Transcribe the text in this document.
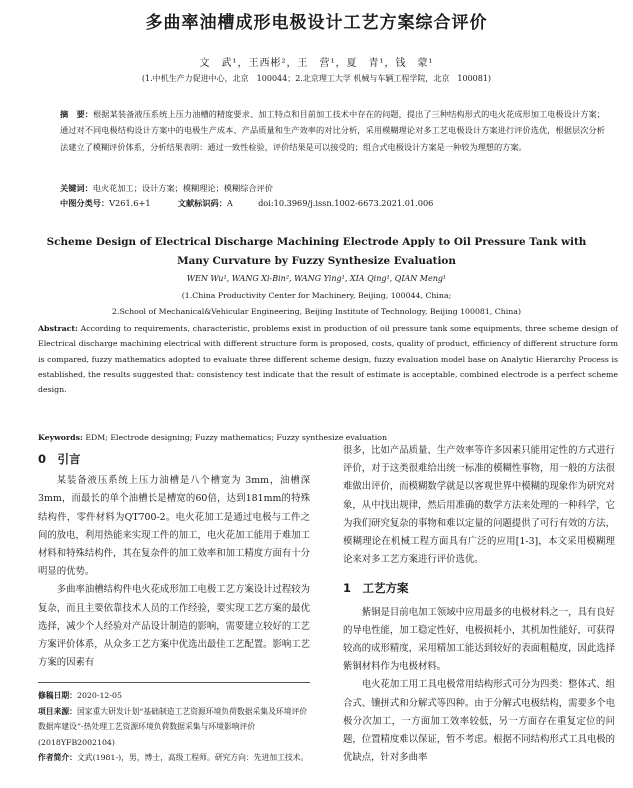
多曲率油槽成形电极设计工艺方案综合评价
文　武¹，王西彬²，王　营¹，夏　青¹，钱　蒙¹
(1.中机生产力促进中心，北京　100044；2.北京理工大学 机械与车辆工程学院，北京　100081)
摘　要：根据某装备液压系统上压力油槽的精度要求、加工特点和目前加工技术中存在的问题，提出了三种结构形式的电火花成形加工电极设计方案；通过对不同电极结构设计方案中的电极生产成本、产品质量和生产效率的对比分析，采用模糊理论对多工艺电极设计方案进行评价选优，根据层次分析法建立了模糊评价体系，分析结果表明：通过一致性检验，评价结果是可以接受的；组合式电极设计方案是一种较为理想的方案。
关键词：电火花加工；设计方案；模糊理论；模糊综合评价
中图分类号：V261.6+1	文献标识码：A	doi:10.3969/j.issn.1002-6673.2021.01.006
Scheme Design of Electrical Discharge Machining Electrode Apply to Oil Pressure Tank with Many Curvature by Fuzzy Synthesize Evaluation
WEN Wu¹, WANG Xi-Bin², WANG Ying¹, XIA Qing¹, QIAN Meng¹
(1.China Productivity Center for Machinery, Beijing, 100044, China;
2.School of Mechanical&Vehicular Engineering, Beijing Institute of Technology, Beijing 100081, China)
Abstract: According to requirements, characteristic, problems exist in production of oil pressure tank some equipments, three scheme design of Electrical discharge machining electrical with different structure form is proposed, costs, quality of product, efficiency of different structure form is compared, fuzzy mathematics adopted to evaluate three different scheme design, fuzzy evaluation model base on Analytic Hierarchy Process is established, the results suggested that: consistency test indicate that the result of estimate is acceptable, combined electrode is a perfect scheme design.
Keywords: EDM; Electrode designing; Fuzzy mathematics; Fuzzy synthesize evaluation
0　引言

某装备液压系统上压力油槽是八个槽宽为 3mm，油槽深3mm，而最长的单个油槽长是槽宽的60倍，达到181mm的特殊结构件，零件材料为QT700-2。电火花加工是通过电极与工件之间的放电，利用热能来实现工件的加工，电火花加工能用于难加工材料和特殊结构件，其在复杂件的加工效率和加工精度方面有十分明显的优势。

多曲率油槽结构件电火花成形加工电极工艺方案设计过程较为复杂，而且主要依靠技术人员的工作经验，要实现工艺方案的最优选择，减少个人经验对产品设计制造的影响，需要建立较好的工艺方案评价体系，从众多工艺方案中优选出最佳工艺配置。影响工艺方案的因素有

很多，比如产品质量、生产效率等许多因素只能用定性的方式进行评价，对于这类很难给出统一标准的模糊性事物，用一般的方法很难做出评价，而模糊数学就是以客观世界中模糊的现象作为研究对象，从中找出规律，然后用准确的数学方法来处理的一种科学，它为我们研究复杂的事物和难以定量的问题提供了可行有效的方法，模糊理论在机械工程方面具有广泛的应用[1-3]，本文采用模糊理论来对多工艺方案进行评价选优。

1　工艺方案

紫铜是目前电加工领域中应用最多的电极材料之一，具有良好的导电性能，加工稳定性好，电极损耗小，其机加性能好，可获得较高的成形精度，采用精加工能达到较好的表面粗糙度，因此选择紫铜材料作为电极材料。

电火花加工用工具电极常用结构形式可分为四类：整体式、组合式、镶拼式和分解式等四种。由于分解式电极结构，需要多个电极分次加工，一方面加工效率较低，另一方面存在重复定位的问题，位置精度难以保证，暂不考虑。根据不同结构形式工具电极的优缺点，针对多曲率

修稿日期：2020-12-05
项目来源：国家重大研发计划“基础制造工艺资源环境负荷数据采集及环境评价数据库建设”-热处理工艺资源环境负荷数据采集与环境影响评价(2018YFB2002104)
作者简介：文武(1981-)，男，博士，高级工程师。研究方向：先进加工技术。
